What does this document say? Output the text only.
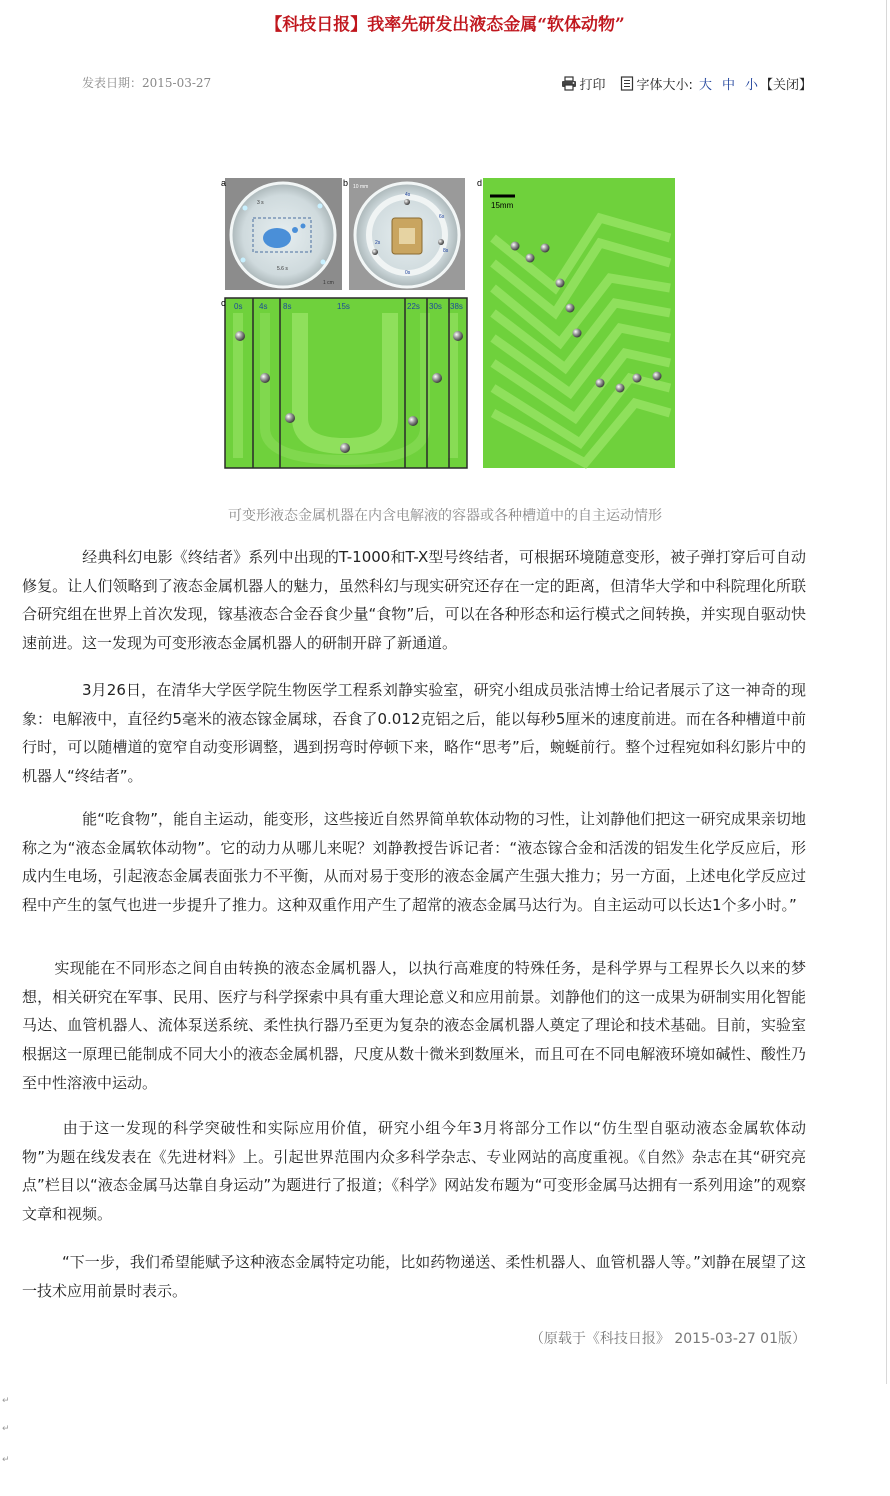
【科技日报】我率先研发出液态金属“软体动物”
发表日期：2015-03-27	打印 字体大小: 大 中 小 【关闭】
a
3 s
5.6 s
1 cm
b 10 mm
4s
6s
2s
0s
8s
c 0s 4s 8s	15s	22s 30s 38s
d
15mm
可变形液态金属机器在内含电解液的容器或各种槽道中的自主运动情形

经典科幻电影《终结者》系列中出现的T-1000和T-X型号终结者，可根据环境随意变形，被子弹打穿后可自动修复。让人们领略到了液态金属机器人的魅力，虽然科幻与现实研究还存在一定的距离，但清华大学和中科院理化所联合研究组在世界上首次发现，镓基液态合金吞食少量“食物”后，可以在各种形态和运行模式之间转换，并实现自驱动快速前进。这一发现为可变形液态金属机器人的研制开辟了新通道。

3月26日，在清华大学医学院生物医学工程系刘静实验室，研究小组成员张洁博士给记者展示了这一神奇的现象：电解液中，直径约5毫米的液态镓金属球，吞食了0.012克铝之后，能以每秒5厘米的速度前进。而在各种槽道中前行时，可以随槽道的宽窄自动变形调整，遇到拐弯时停顿下来，略作“思考”后，蜿蜒前行。整个过程宛如科幻影片中的机器人“终结者”。

能“吃食物”，能自主运动，能变形，这些接近自然界简单软体动物的习性，让刘静他们把这一研究成果亲切地称之为“液态金属软体动物”。它的动力从哪儿来呢？刘静教授告诉记者：“液态镓合金和活泼的铝发生化学反应后，形成内生电场，引起液态金属表面张力不平衡，从而对易于变形的液态金属产生强大推力；另一方面，上述电化学反应过程中产生的氢气也进一步提升了推力。这种双重作用产生了超常的液态金属马达行为。自主运动可以长达1个多小时。”

实现能在不同形态之间自由转换的液态金属机器人，以执行高难度的特殊任务，是科学界与工程界长久以来的梦想，相关研究在军事、民用、医疗与科学探索中具有重大理论意义和应用前景。刘静他们的这一成果为研制实用化智能马达、血管机器人、流体泵送系统、柔性执行器乃至更为复杂的液态金属机器人奠定了理论和技术基础。目前，实验室根据这一原理已能制成不同大小的液态金属机器，尺度从数十微米到数厘米，而且可在不同电解液环境如碱性、酸性乃至中性溶液中运动。

由于这一发现的科学突破性和实际应用价值，研究小组今年3月将部分工作以“仿生型自驱动液态金属软体动物”为题在线发表在《先进材料》上。引起世界范围内众多科学杂志、专业网站的高度重视。《自然》杂志在其“研究亮点”栏目以“液态金属马达靠自身运动”为题进行了报道；《科学》网站发布题为“可变形金属马达拥有一系列用途”的观察文章和视频。

“下一步，我们希望能赋予这种液态金属特定功能，比如药物递送、柔性机器人、血管机器人等。”刘静在展望了这一技术应用前景时表示。

（原载于《科技日报》 2015-03-27 01版）
↵
↵
↵
